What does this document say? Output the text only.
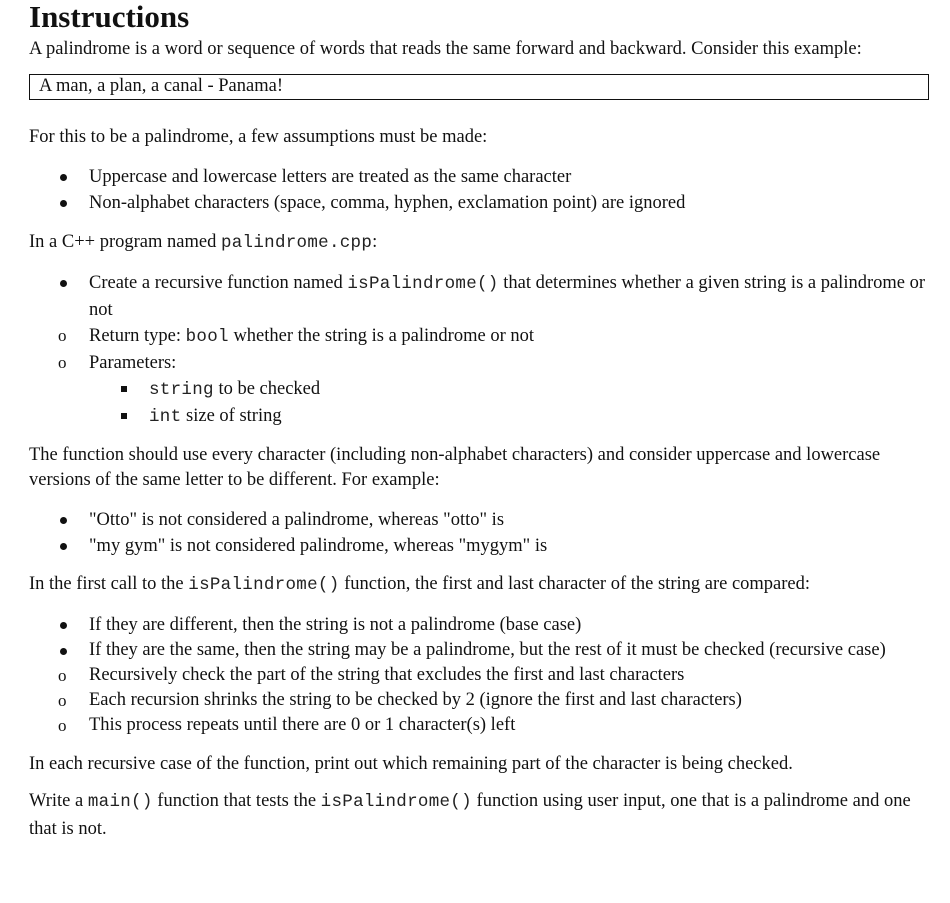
Instructions

A palindrome is a word or sequence of words that reads the same forward and backward. Consider this example:

A man, a plan, a canal - Panama!

For this to be a palindrome, a few assumptions must be made:

Uppercase and lowercase letters are treated as the same character
Non-alphabet characters (space, comma, hyphen, exclamation point) are ignored

In a C++ program named palindrome.cpp:

Create a recursive function named isPalindrome() that determines whether a given string is a palindrome or not
o Return type: bool whether the string is a palindrome or not
o Parameters:
string to be checked
int size of string

The function should use every character (including non-alphabet characters) and consider uppercase and lowercase versions of the same letter to be different. For example:

"Otto" is not considered a palindrome, whereas "otto" is
"my gym" is not considered palindrome, whereas "mygym" is

In the first call to the isPalindrome() function, the first and last character of the string are compared:

If they are different, then the string is not a palindrome (base case)
If they are the same, then the string may be a palindrome, but the rest of it must be checked (recursive case)
o Recursively check the part of the string that excludes the first and last characters
o Each recursion shrinks the string to be checked by 2 (ignore the first and last characters)
o This process repeats until there are 0 or 1 character(s) left

In each recursive case of the function, print out which remaining part of the character is being checked.

Write a main() function that tests the isPalindrome() function using user input, one that is a palindrome and one that is not.
